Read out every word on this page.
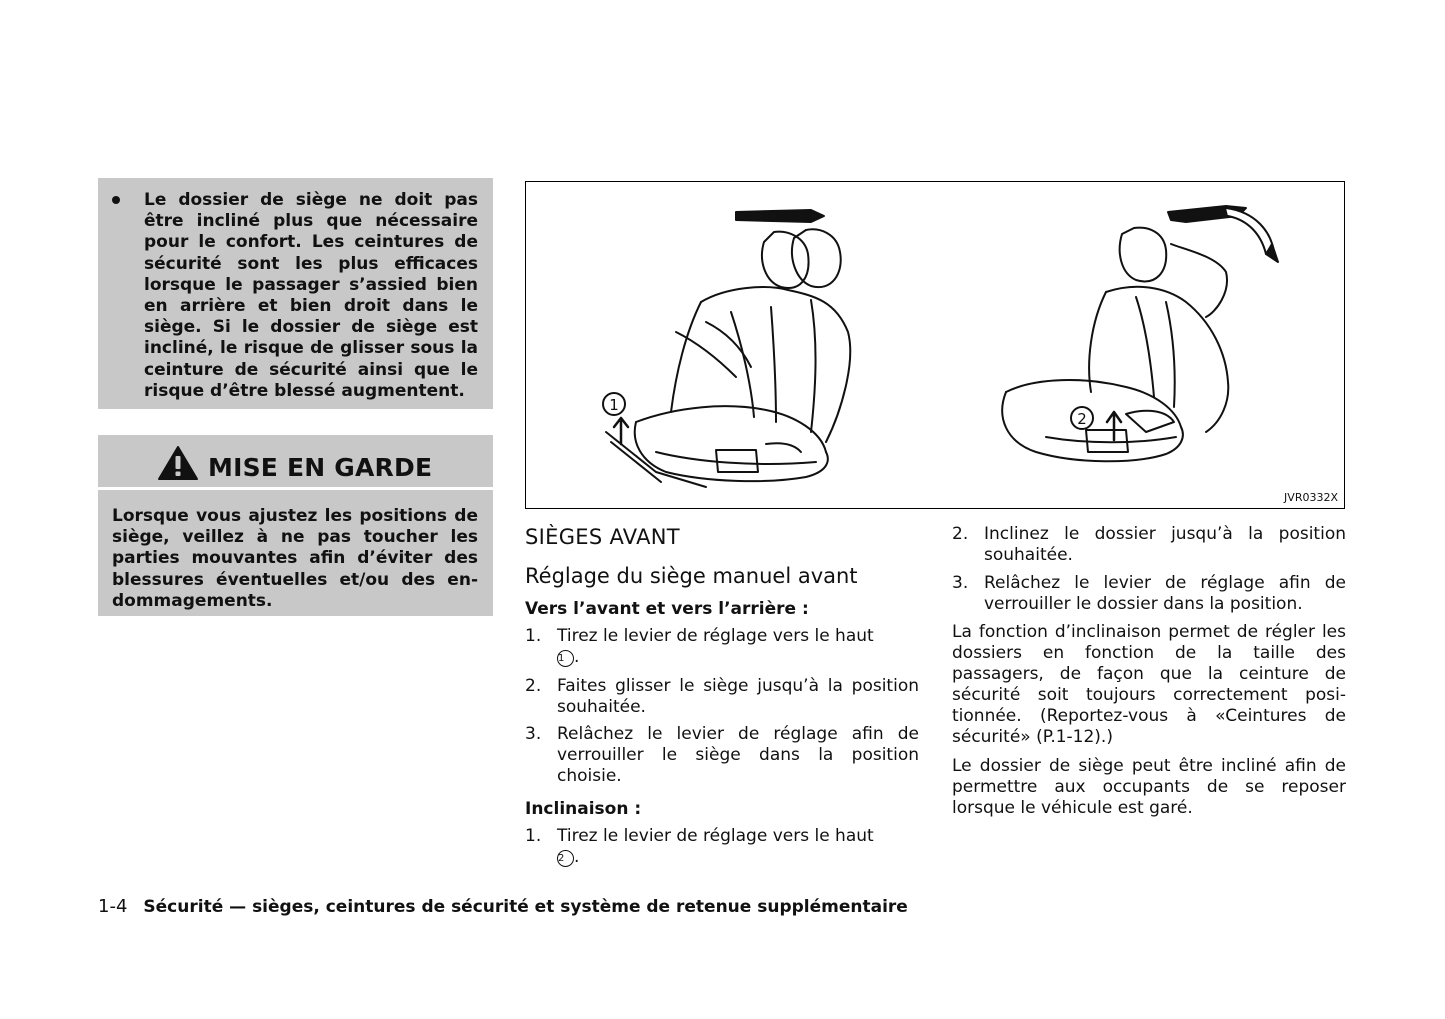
Le dossier de siège ne doit pas être incliné plus que nécessaire pour le confort. Les ceintures de sécurité sont les plus efficaces lorsque le passager s’assied bien en arrière et bien droit dans le siège. Si le dossier de siège est incliné, le risque de glisser sous la ceinture de sécurité ainsi que le risque d’être blessé augmentent.
MISE EN GARDE

Lorsque vous ajustez les positions de siège, veillez à ne pas toucher les parties mouvantes afin d’éviter des blessures éventuelles et/ou des endommagements.

1
2
JVR0332X
SIÈGES AVANT
Réglage du siège manuel avant
Vers l’avant et vers l’arrière :
1. Tirez le levier de réglage vers le haut
1 .
2. Faites glisser le siège jusqu’à la position souhaitée.
3. Relâchez le levier de réglage afin de verrouiller le siège dans la position choisie.
Inclinaison :
1. Tirez le levier de réglage vers le haut
2 .
2. Inclinez le dossier jusqu’à la position souhaitée.
3. Relâchez le levier de réglage afin de verrouiller le dossier dans la position.
La fonction d’inclinaison permet de régler les dossiers en fonction de la taille des passagers, de façon que la ceinture de sécurité soit toujours correctement positionnée. (Reportez-vous à «Ceintures de sécurité» (P.1-12).)
Le dossier de siège peut être incliné afin de permettre aux occupants de se reposer lorsque le véhicule est garé.
1-4 Sécurité — sièges, ceintures de sécurité et système de retenue supplémentaire
